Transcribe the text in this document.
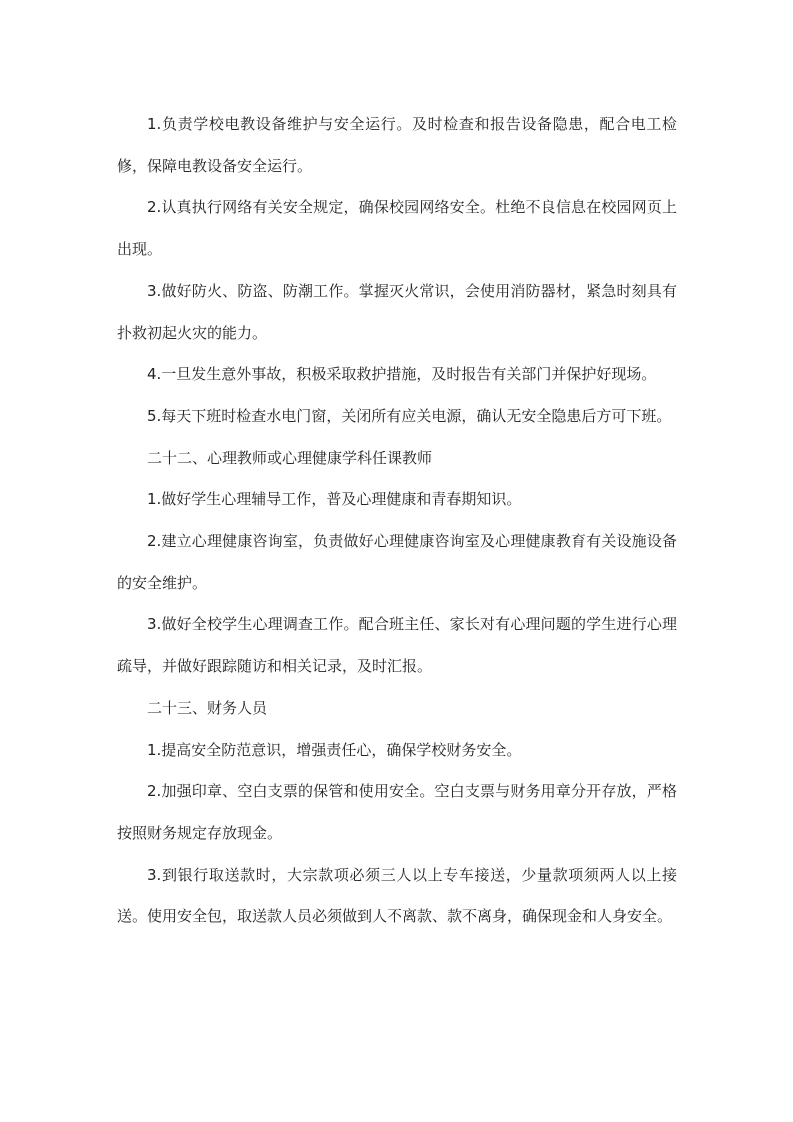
1.负责学校电教设备维护与安全运行。及时检查和报告设备隐患，配合电工检修，保障电教设备安全运行。

2.认真执行网络有关安全规定，确保校园网络安全。杜绝不良信息在校园网页上出现。

3.做好防火、防盗、防潮工作。掌握灭火常识，会使用消防器材，紧急时刻具有扑救初起火灾的能力。

4.一旦发生意外事故，积极采取救护措施，及时报告有关部门并保护好现场。

5.每天下班时检查水电门窗，关闭所有应关电源，确认无安全隐患后方可下班。

二十二、心理教师或心理健康学科任课教师

1.做好学生心理辅导工作，普及心理健康和青春期知识。

2.建立心理健康咨询室，负责做好心理健康咨询室及心理健康教育有关设施设备的安全维护。

3.做好全校学生心理调查工作。配合班主任、家长对有心理问题的学生进行心理疏导，并做好跟踪随访和相关记录，及时汇报。

二十三、财务人员

1.提高安全防范意识，增强责任心，确保学校财务安全。

2.加强印章、空白支票的保管和使用安全。空白支票与财务用章分开存放，严格按照财务规定存放现金。

3.到银行取送款时，大宗款项必须三人以上专车接送，少量款项须两人以上接送。使用安全包，取送款人员必须做到人不离款、款不离身，确保现金和人身安全。
